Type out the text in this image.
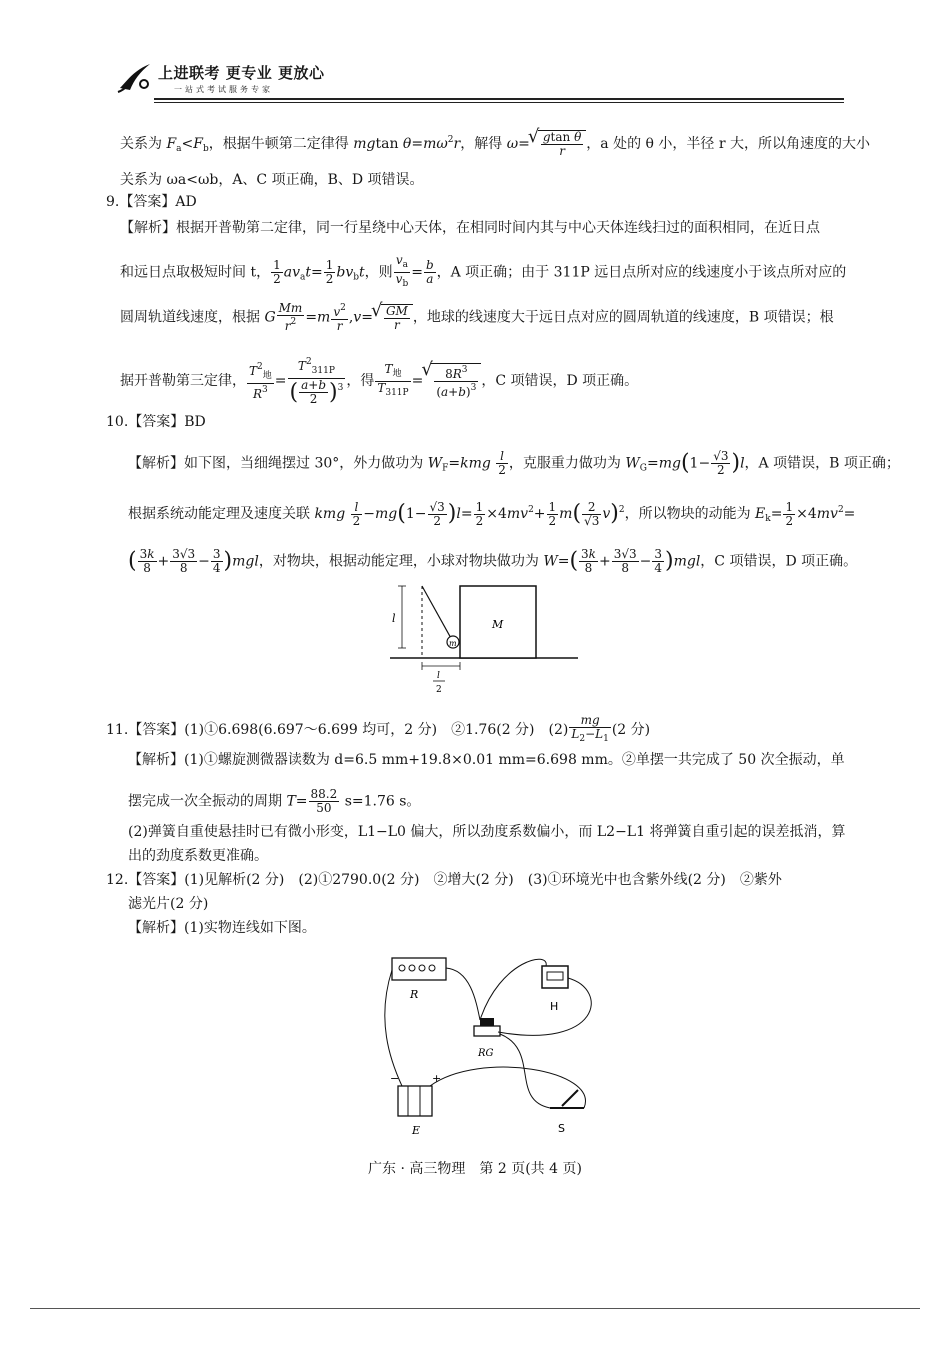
上进联考 更专业 更放心
一站式考试服务专家
关系为 $F_a<F_b$，根据牛顿第二定律得 mgtan $\theta=m\omega^2r$，解得 ω= √ $\frac{\text{gtan θ}}{r}$ ，a 处的 θ 小，半径 r 大，所以角速度的大小
关系为 ωa<ωb，A、C 项正确，B、D 项错误。
9.【答案】AD
【解析】根据开普勒第二定律，同一行星绕中心天体，在相同时间内其与中心天体连线扫过的面积相同，在近日点
和远日点取极短时间 t， $\frac{1}{2} av_at= \frac{1}{2} bv_bt$，则 $\frac{v_a}{v_b} = \frac{b}{a}$ ，A 项正确；由于 311P 远日点所对应的线速度小于该点所对应的
圆周轨道线速度，根据 G $\frac{Mm}{r^2} =m \frac{v^2}{r} ,v=$ √ $\frac{GM}{r}$ ，地球的线速度大于远日点对应的圆周轨道的线速度，B 项错误；根
据开普勒第三定律， $\frac{T^2_地}{R^3} = \frac{T^2_{311P}}{( \frac{a+b}{2} )^3}$ ，得 $\frac{T_地}{T_{311P}}$ = √ $\frac{8R^3}{(a+b)^3}$ ，C 项错误，D 项正确。
10.【答案】BD
【解析】如下图，当细绳摆过 30°，外力做功为 $W_F=kmg \frac{l}{2}$ ，克服重力做功为 $W_G=mg(1- \frac{√3}{2} )l$，A 项错误，B 项正确；
根据系统动能定理及速度关联 kmg $\frac{l}{2} -mg(1- \frac{√3}{2} )l= \frac{1}{2} \times 4mv^2+ \frac{1}{2} m( \frac{2}{√3} v)^2$，所以物块的动能为 $E_k= \frac{1}{2} \times 4mv^2=$
( $\frac{3k}{8} + \frac{3√3}{8} - \frac{3}{4} )mgl$，对物块，根据动能定理，小球对物块做功为 $W=( \frac{3k}{8} + \frac{3√3}{8} - \frac{3}{4} )mgl$，C 项错误，D 项正确。
m
M
l
l
2
11.【答案】(1)①6.698(6.697～6.699 均可，2 分)　②1.76(2 分)　$(2) \frac{mg}{L_2-L_1} (2$ 分)
【解析】(1)①螺旋测微器读数为 d=6.5 mm+19.8×0.01 mm=6.698 mm。②单摆一共完成了 50 次全振动，单
摆完成一次全振动的周期 $T= \frac{88.2}{50} s=1.76$ s。
(2)弹簧自重使悬挂时已有微小形变，L1−L0 偏大，所以劲度系数偏小，而 L2−L1 将弹簧自重引起的误差抵消，算
出的劲度系数更准确。
12.【答案】(1)见解析(2 分)　(2)①2790.0(2 分)　②增大(2 分)　(3)①环境光中也含紫外线(2 分)　②紫外
滤光片(2 分)
【解析】(1)实物连线如下图。
R
H
RG
−	+
E	S
广东 · 高三物理　第 2 页(共 4 页)
